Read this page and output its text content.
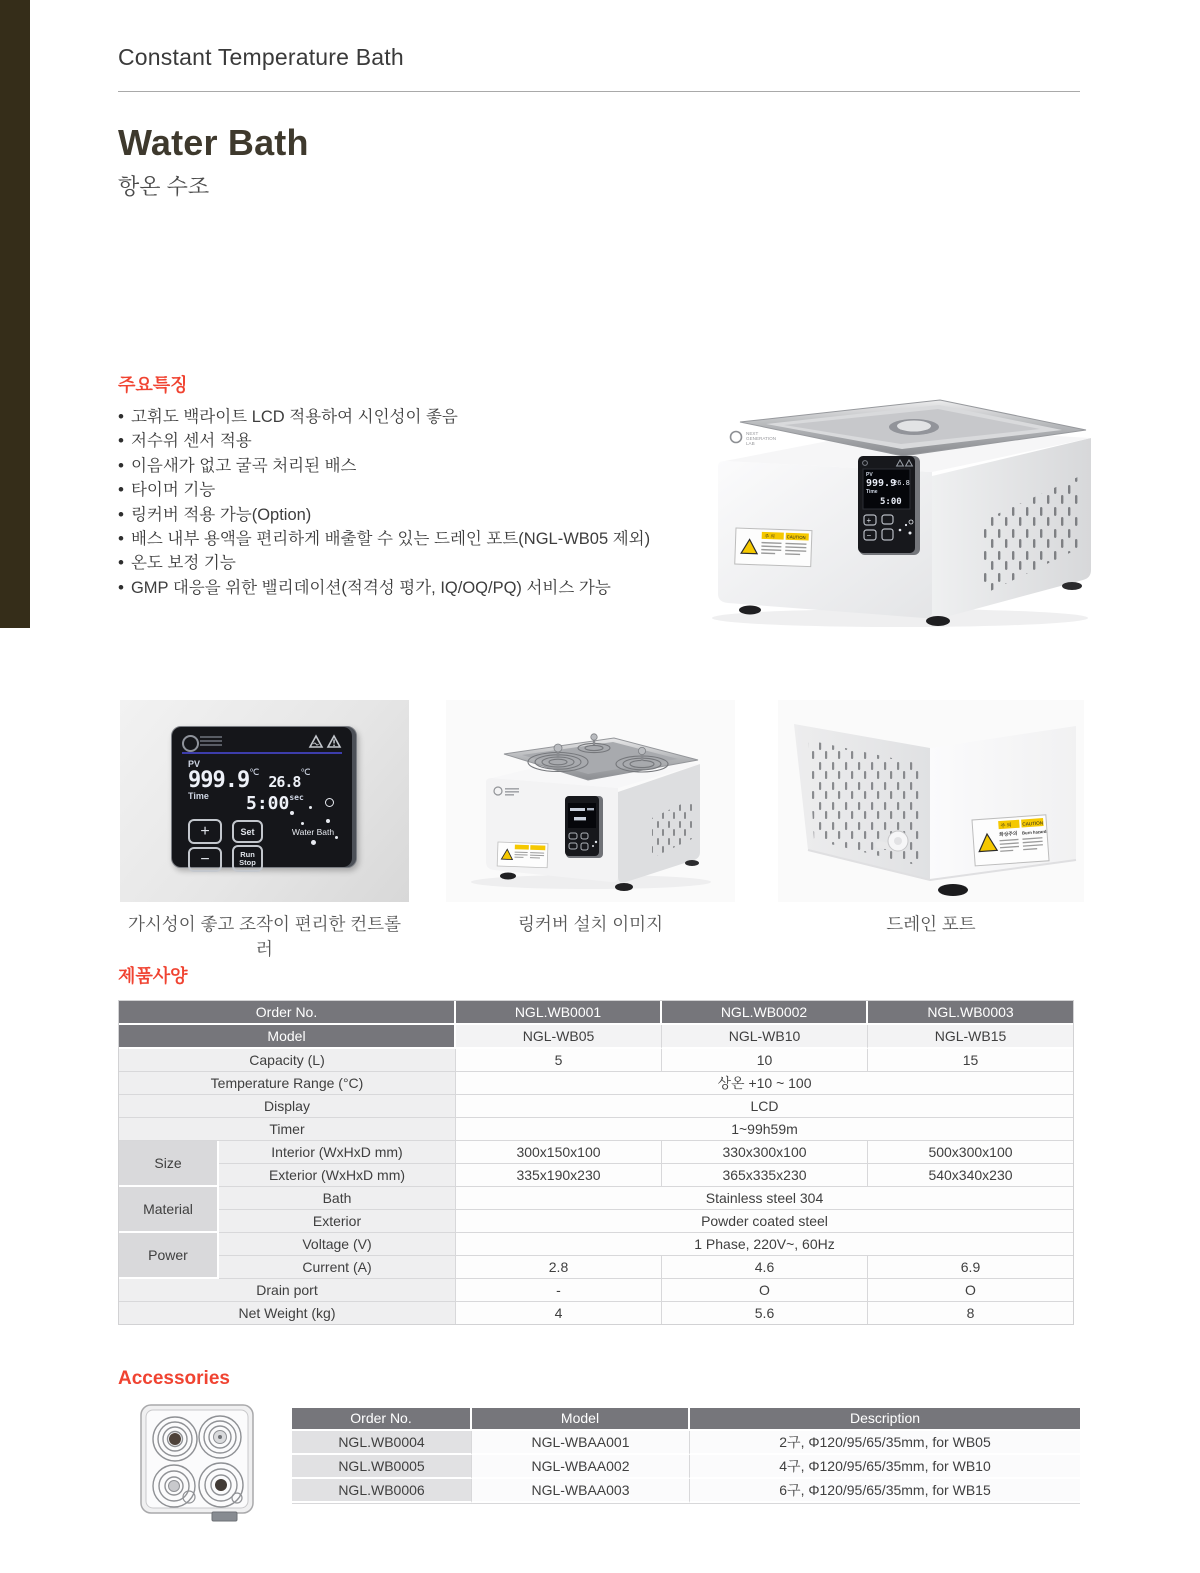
Constant Temperature Bath
Water Bath
항온 수조
주요특징
• 고휘도 백라이트 LCD 적용하여 시인성이 좋음
• 저수위 센서 적용
• 이음새가 없고 굴곡 처리된 배스
• 타이머 기능
• 링커버 적용 가능(Option)
• 배스 내부 용액을 편리하게 배출할 수 있는 드레인 포트(NGL-WB05 제외)
• 온도 보정 기능
• GMP 대응을 위한 밸리데이션(적격성 평가, IQ/OQ/PQ) 서비스 가능
NEXT
GENERATION
LAB
PV
999.9
26.8
Time
5:00
+
−
주 의	CAUTION
PV
999.9℃ 26.8℃
Time $5:00^{sec}$
+
−
Set
Run
Stop
Water Bath
가시성이 좋고 조작이 편리한 컨트롤러
링커버 설치 이미지
주 의 CAUTION
화상주의 Burn hazard
드레인 포트
제품사양
Order No.		NGL.WB0001	NGL.WB0002	NGL.WB0003
Model		NGL-WB05	NGL-WB10	NGL-WB15
Capacity (L)		5	10	15
Temperature Range (°C)		상온 +10 ~ 100		
Display		LCD		
Timer		1~99h59m		
Size	Interior (WxHxD mm)	300x150x100	330x300x100	500x300x100
	Exterior (WxHxD mm)	335x190x230	365x335x230	540x340x230
Material	Bath	Stainless steel 304		
	Exterior	Powder coated steel		
Power	Voltage (V)	1 Phase, 220V~, 60Hz		
	Current (A)	2.8	4.6	6.9
Drain port		-	O	O
Net Weight (kg)		4	5.6	8
Accessories
Order No.	Model	Description
NGL.WB0004	NGL-WBAA001	2구, Φ120/95/65/35mm, for WB05
NGL.WB0005	NGL-WBAA002	4구, Φ120/95/65/35mm, for WB10
NGL.WB0006	NGL-WBAA003	6구, Φ120/95/65/35mm, for WB15
